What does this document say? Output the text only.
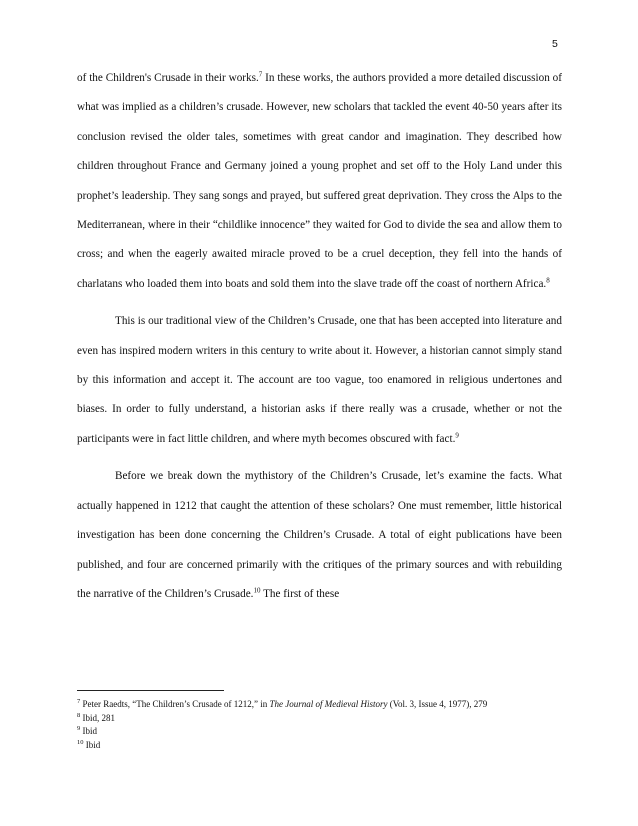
5

of the Children's Crusade in their works.$^7$ In these works, the authors provided a more detailed discussion of what was implied as a children’s crusade. However, new scholars that tackled the event 40-50 years after its conclusion revised the older tales, sometimes with great candor and imagination. They described how children throughout France and Germany joined a young prophet and set off to the Holy Land under this prophet’s leadership. They sang songs and prayed, but suffered great deprivation. They cross the Alps to the Mediterranean, where in their “childlike innocence” they waited for God to divide the sea and allow them to cross; and when the eagerly awaited miracle proved to be a cruel deception, they fell into the hands of charlatans who loaded them into boats and sold them into the slave trade off the coast of northern Africa.$^8$

This is our traditional view of the Children’s Crusade, one that has been accepted into literature and even has inspired modern writers in this century to write about it. However, a historian cannot simply stand by this information and accept it. The account are too vague, too enamored in religious undertones and biases. In order to fully understand, a historian asks if there really was a crusade, whether or not the participants were in fact little children, and where myth becomes obscured with fact.$^9$

Before we break down the mythistory of the Children’s Crusade, let’s examine the facts. What actually happened in 1212 that caught the attention of these scholars? One must remember, little historical investigation has been done concerning the Children’s Crusade. A total of eight publications have been published, and four are concerned primarily with the critiques of the primary sources and with rebuilding the narrative of the Children’s Crusade.$^{10}$ The first of these

$^7$ Peter Raedts, “The Children’s Crusade of 1212,” in The Journal of Medieval History (Vol. 3, Issue 4, 1977), 279
$^8$ Ibid, 281
$^9$ Ibid
$^{10}$ Ibid
